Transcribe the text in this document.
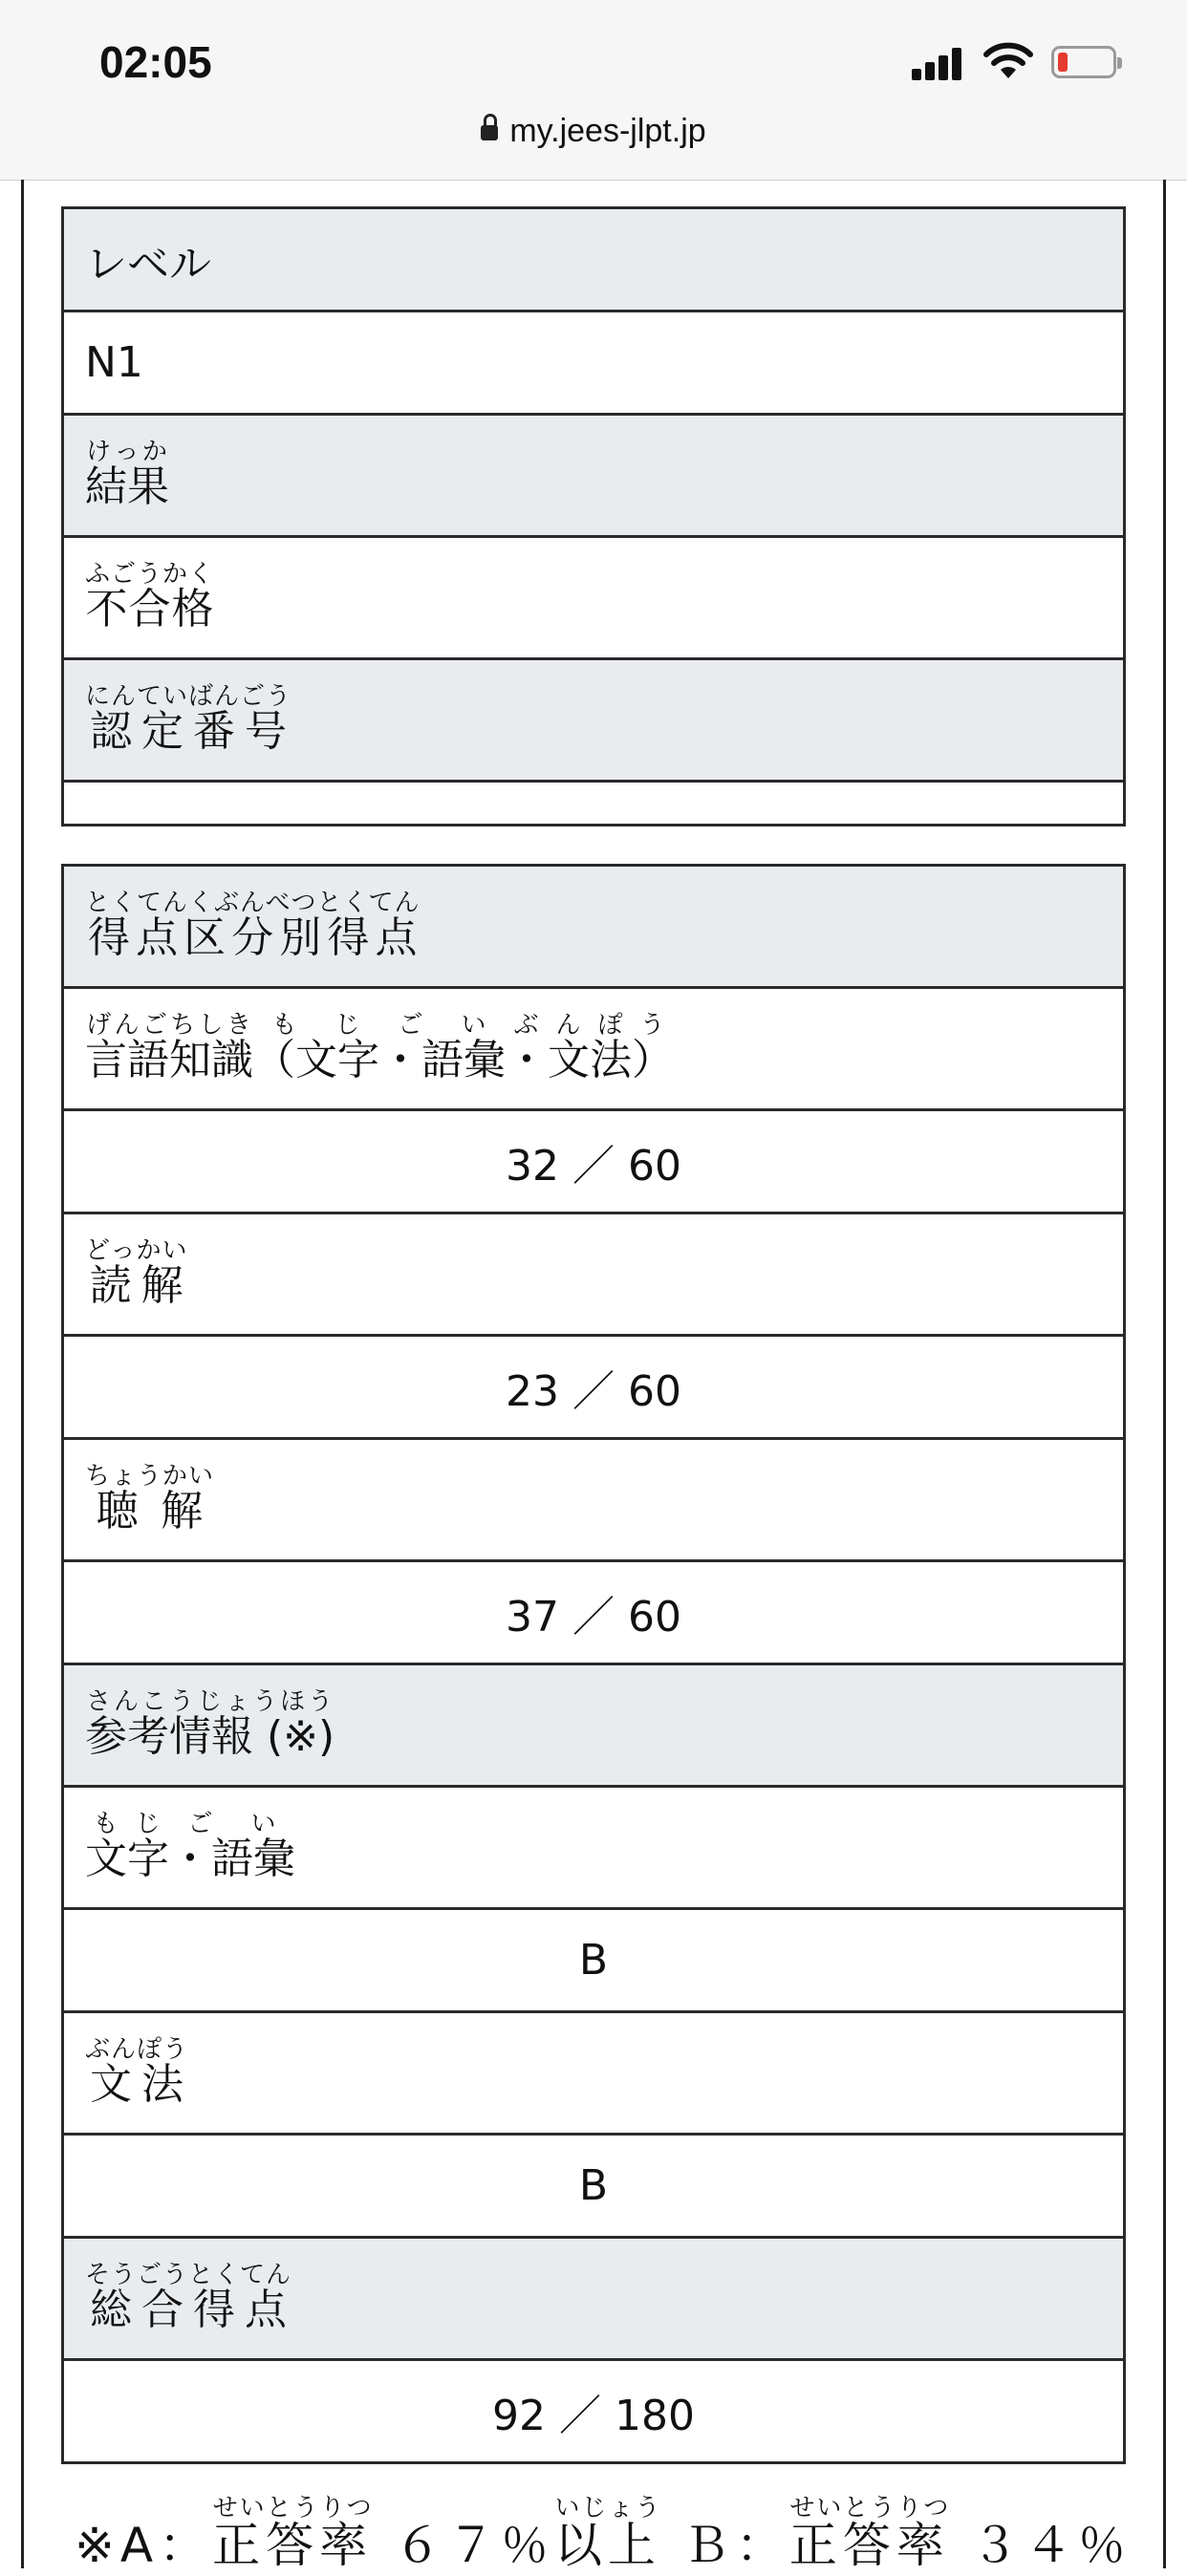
02:05
my.jees-jlpt.jp
レベル
N1
結果けっか
不合格ふごうかく
認定番号にんていばんごう

得点区分別得点とくてんくぶんべつとくてん
言語知識げんごちしき（文字もじ・語彙ごい・文法）ぶんぽう
32 ／ 60
読解どっかい
23 ／ 60
聴解ちょうかい
37 ／ 60
参考情報 (※)さんこうじょうほう
文字もじ・語彙ごい
B
文法ぶんぽう
B
総合得点そうごうとくてん
92 ／ 180
※A：正答率せいとうりつ ６７％以上いじょう Ｂ：正答率せいとうりつ ３４％
